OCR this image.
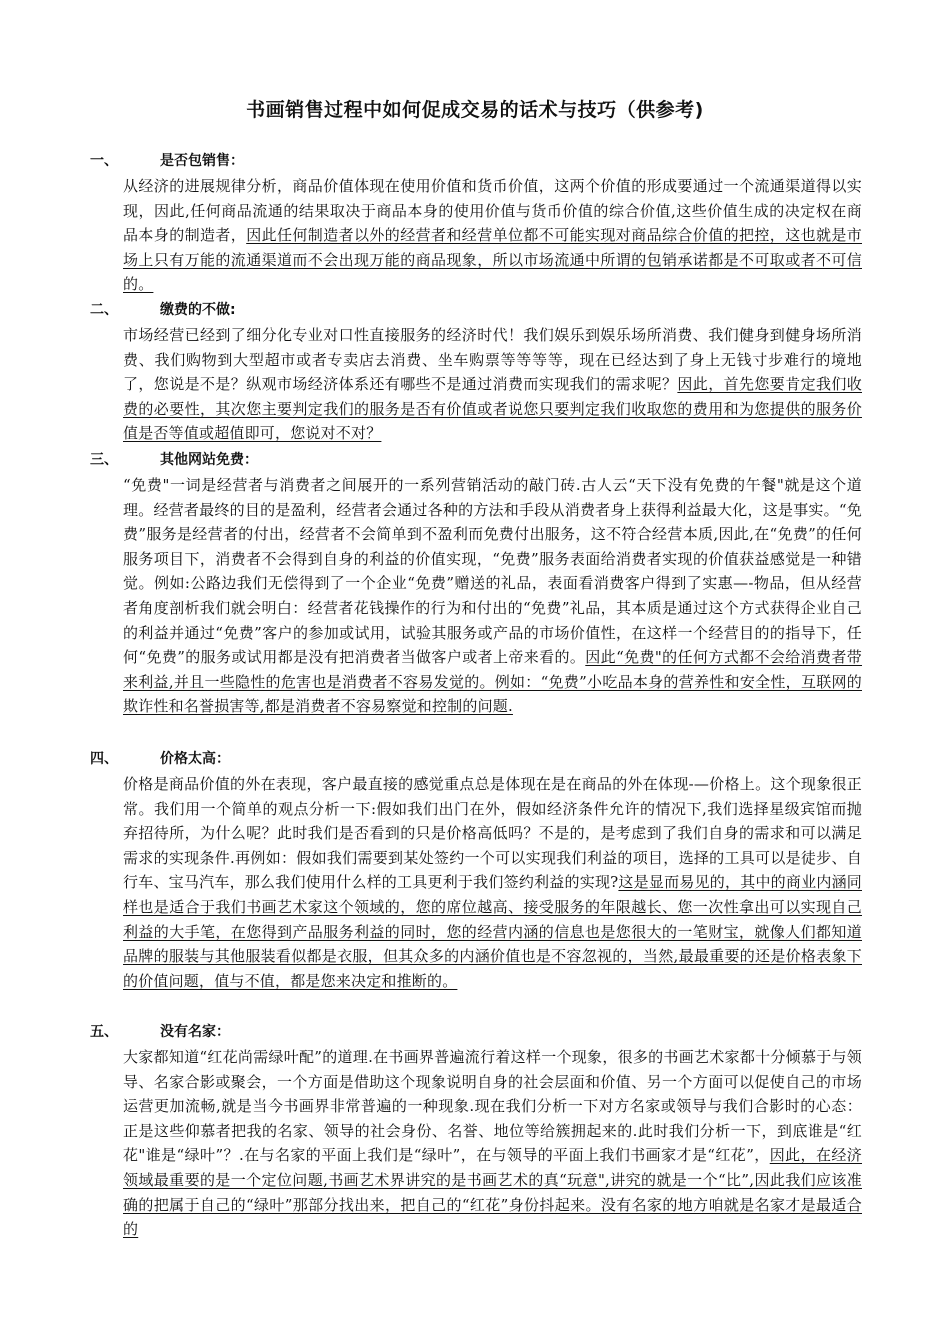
书画销售过程中如何促成交易的话术与技巧（供参考)
一、	是否包销售：
从经济的进展规律分析，商品价值体现在使用价值和货币价值，这两个价值的形成要通过一个流通渠道得以实现，因此,任何商品流通的结果取决于商品本身的使用价值与货币价值的综合价值,这些价值生成的决定权在商品本身的制造者，因此任何制造者以外的经营者和经营单位都不可能实现对商品综合价值的把控，这也就是市场上只有万能的流通渠道而不会出现万能的商品现象，所以市场流通中所谓的包销承诺都是不可取或者不可信的。
二、	缴费的不做:
市场经营已经到了细分化专业对口性直接服务的经济时代！我们娱乐到娱乐场所消费、我们健身到健身场所消费、我们购物到大型超市或者专卖店去消费、坐车购票等等等等，现在已经达到了身上无钱寸步难行的境地了，您说是不是？纵观市场经济体系还有哪些不是通过消费而实现我们的需求呢？因此，首先您要肯定我们收费的必要性，其次您主要判定我们的服务是否有价值或者说您只要判定我们收取您的费用和为您提供的服务价值是否等值或超值即可，您说对不对？
三、	其他网站免费：
“免费"一词是经营者与消费者之间展开的一系列营销活动的敲门砖.古人云“天下没有免费的午餐"就是这个道理。经营者最终的目的是盈利，经营者会通过各种的方法和手段从消费者身上获得利益最大化，这是事实。“免费”服务是经营者的付出，经营者不会简单到不盈利而免费付出服务，这不符合经营本质,因此,在“免费”的任何服务项目下，消费者不会得到自身的利益的价值实现，“免费”服务表面给消费者实现的价值获益感觉是一种错觉。例如:公路边我们无偿得到了一个企业“免费”赠送的礼品，表面看消费客户得到了实惠—-物品，但从经营者角度剖析我们就会明白：经营者花钱操作的行为和付出的“免费”礼品，其本质是通过这个方式获得企业自己的利益并通过“免费”客户的参加或试用，试验其服务或产品的市场价值性，在这样一个经营目的的指导下，任何“免费”的服务或试用都是没有把消费者当做客户或者上帝来看的。因此“免费"的任何方式都不会给消费者带来利益,并且一些隐性的危害也是消费者不容易发觉的。例如：“免费”小吃品本身的营养性和安全性，互联网的欺诈性和名誉损害等,都是消费者不容易察觉和控制的问题.
四、	价格太高：
价格是商品价值的外在表现，客户最直接的感觉重点总是体现在是在商品的外在体现-—价格上。这个现象很正常。我们用一个简单的观点分析一下:假如我们出门在外，假如经济条件允许的情况下,我们选择星级宾馆而抛弃招待所，为什么呢？此时我们是否看到的只是价格高低吗？不是的，是考虑到了我们自身的需求和可以满足需求的实现条件.再例如：假如我们需要到某处签约一个可以实现我们利益的项目，选择的工具可以是徒步、自行车、宝马汽车，那么我们使用什么样的工具更利于我们签约利益的实现?这是显而易见的，其中的商业内涵同样也是适合于我们书画艺术家这个领域的，您的席位越高、接受服务的年限越长、您一次性拿出可以实现自己利益的大手笔，在您得到产品服务利益的同时，您的经营内涵的信息也是您很大的一笔财宝，就像人们都知道品牌的服装与其他服装看似都是衣服，但其众多的内涵价值也是不容忽视的，当然,最最重要的还是价格表象下的价值问题，值与不值，都是您来决定和推断的。
五、	没有名家：
大家都知道“红花尚需绿叶配”的道理.在书画界普遍流行着这样一个现象，很多的书画艺术家都十分倾慕于与领导、名家合影或聚会，一个方面是借助这个现象说明自身的社会层面和价值、另一个方面可以促使自己的市场运营更加流畅,就是当今书画界非常普遍的一种现象.现在我们分析一下对方名家或领导与我们合影时的心态：正是这些仰慕者把我的名家、领导的社会身份、名誉、地位等给簇拥起来的.此时我们分析一下，到底谁是“红花"谁是“绿叶”？.在与名家的平面上我们是“绿叶”，在与领导的平面上我们书画家才是“红花”，因此，在经济领域最重要的是一个定位问题,书画艺术界讲究的是书画艺术的真“玩意",讲究的就是一个“比”,因此我们应该准确的把属于自己的“绿叶”那部分找出来，把自己的“红花”身份抖起来。没有名家的地方咱就是名家才是最适合的
